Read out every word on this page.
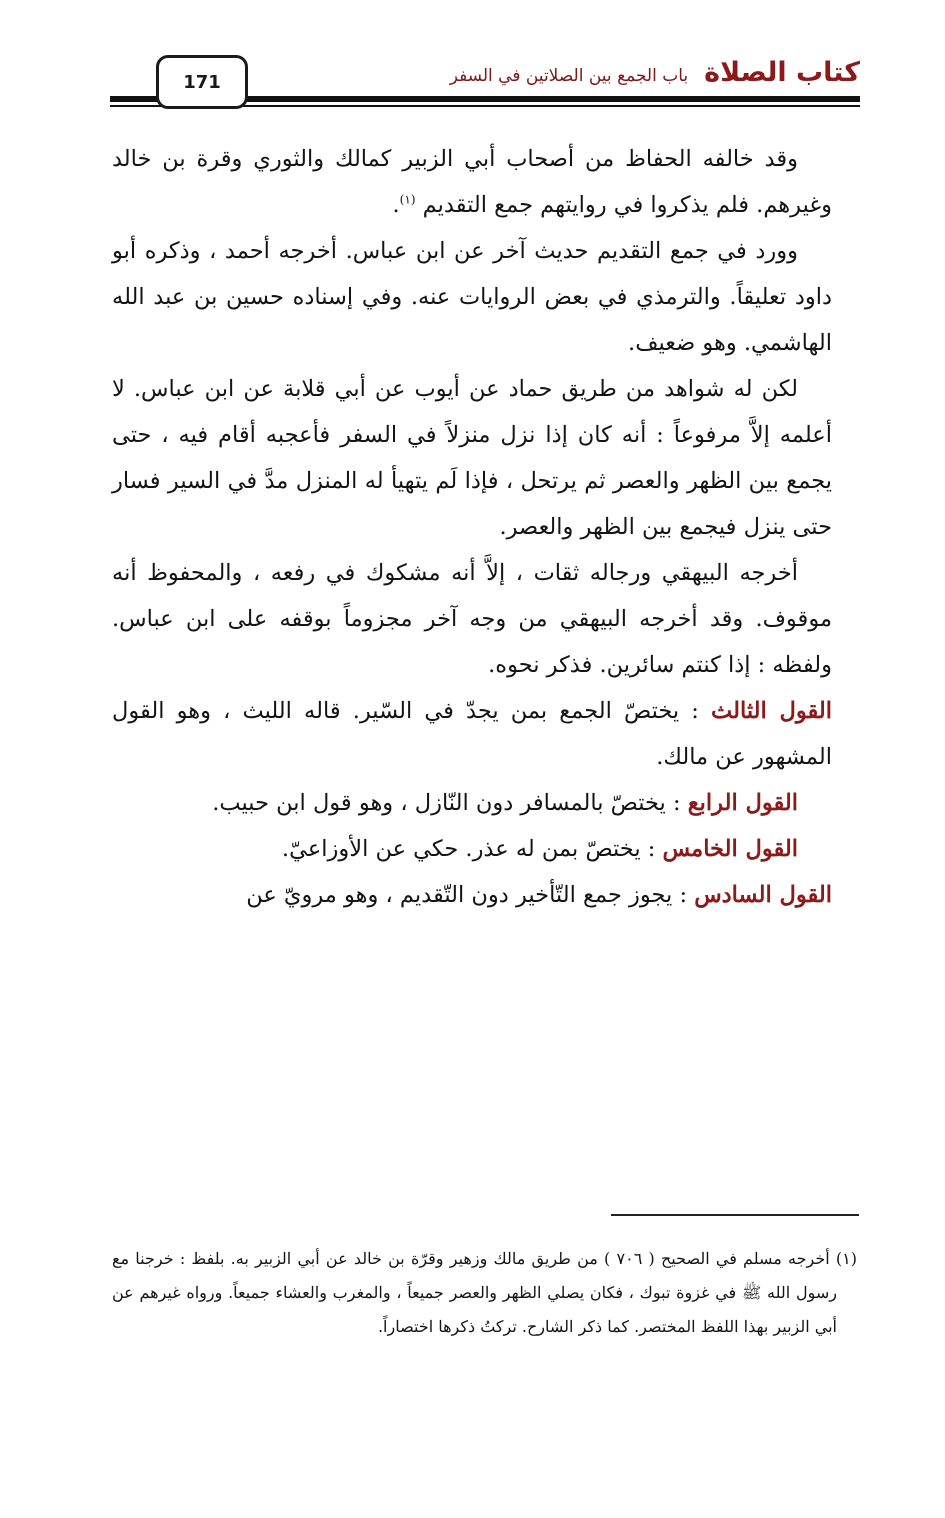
171	كتاب الصلاة
باب الجمع بين الصلاتين في السفر

وقد خالفه الحفاظ من أصحاب أبي الزبير كمالك والثوري وقرة بن خالد وغيرهم. فلم يذكروا في روايتهم جمع التقديم $^{(١)}$.

وورد في جمع التقديم حديث آخر عن ابن عباس. أخرجه أحمد ، وذكره أبو داود تعليقاً. والترمذي في بعض الروايات عنه. وفي إسناده حسين بن عبد الله الهاشمي. وهو ضعيف.

لكن له شواهد من طريق حماد عن أيوب عن أبي قلابة عن ابن عباس. لا أعلمه إلاَّ مرفوعاً : أنه كان إذا نزل منزلاً في السفر فأعجبه أقام فيه ، حتى يجمع بين الظهر والعصر ثم يرتحل ، فإذا لَم يتهيأ له المنزل مدَّ في السير فسار حتى ينزل فيجمع بين الظهر والعصر.

أخرجه البيهقي ورجاله ثقات ، إلاَّ أنه مشكوك في رفعه ، والمحفوظ أنه موقوف. وقد أخرجه البيهقي من وجه آخر مجزوماً بوقفه على ابن عباس. ولفظه : إذا كنتم سائرين. فذكر نحوه.

القول الثالث : يختصّ الجمع بمن يجدّ في السّير. قاله الليث ، وهو القول المشهور عن مالك.

القول الرابع : يختصّ بالمسافر دون النّازل ، وهو قول ابن حبيب.

القول الخامس : يختصّ بمن له عذر. حكي عن الأوزاعيّ.

القول السادس : يجوز جمع التّأخير دون التّقديم ، وهو مرويّ عن

(١) أخرجه مسلم في الصحيح ( ٧٠٦ ) من طريق مالك وزهير وقرّة بن خالد عن أبي الزبير به. بلفظ : خرجنا مع رسول الله ﷺ في غزوة تبوك ، فكان يصلي الظهر والعصر جميعاً ، والمغرب والعشاء جميعاً. ورواه غيرهم عن أبي الزبير بهذا اللفظ المختصر. كما ذكر الشارح. تركتُ ذكرها اختصاراً.
